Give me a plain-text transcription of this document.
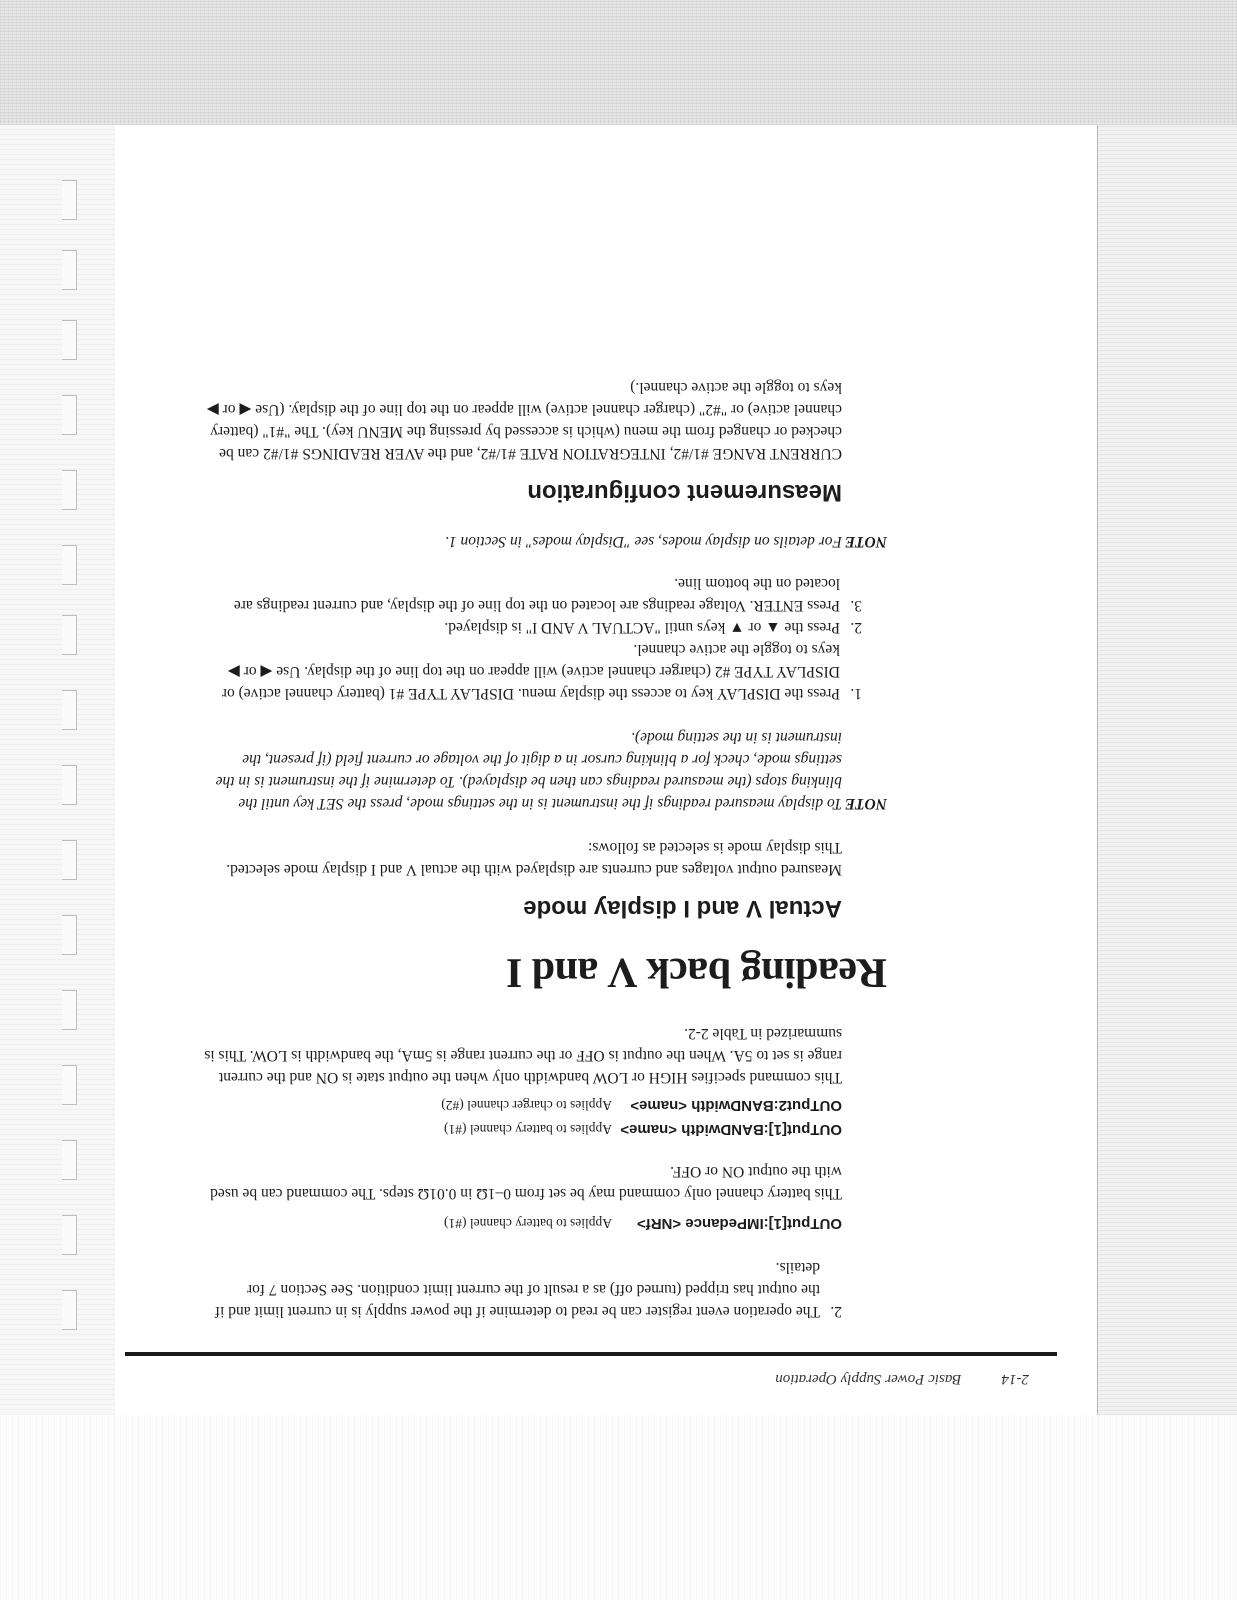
2-14
Basic Power Supply Operation
2.
The operation event register can be read to determine if the power supply is in current limit and if the output has tripped (turned off) as a result of the current limit condition. See Section 7 for details.
OUTput[1]:IMPedance <NRf>
Applies to battery channel (#1)

This battery channel only command may be set from 0–1Ω in 0.01Ω steps. The command can be used with the output ON or OFF.

OUTput[1]:BANDwidth <name>
Applies to battery channel (#1)
OUTput2:BANDwidth <name>
Applies to charger channel (#2)

This command specifies HIGH or LOW bandwidth only when the output state is ON and the current range is set to 5A. When the output is OFF or the current range is 5mA, the bandwidth is LOW. This is summarized in Table 2-2.

Reading back V and I
Actual V and I display mode

Measured output voltages and currents are displayed with the actual V and I display mode selected. This display mode is selected as follows:

NOTE
To display measured readings if the instrument is in the settings mode, press the SET key until the blinking stops (the measured readings can then be displayed). To determine if the instrument is in the settings mode, check for a blinking cursor in a digit of the voltage or current field (if present, the instrument is in the setting mode).
1.
Press the DISPLAY key to access the display menu. DISPLAY TYPE #1 (battery channel active) or DISPLAY TYPE #2 (charger channel active) will appear on the top line of the display. Use ◀ or ▶ keys to toggle the active channel.
2.
Press the ▲ or ▼ keys until "ACTUAL V AND I" is displayed.
3.
Press ENTER. Voltage readings are located on the top line of the display, and current readings are located on the bottom line.
NOTE
For details on display modes, see "Display modes" in Section 1.
Measurement configuration

CURRENT RANGE #1/#2, INTEGRATION RATE #1/#2, and the AVER READINGS #1/#2 can be checked or changed from the menu (which is accessed by pressing the MENU key). The "#1" (battery channel active) or "#2" (charger channel active) will appear on the top line of the display. (Use ◀ or ▶ keys to toggle the active channel.)
